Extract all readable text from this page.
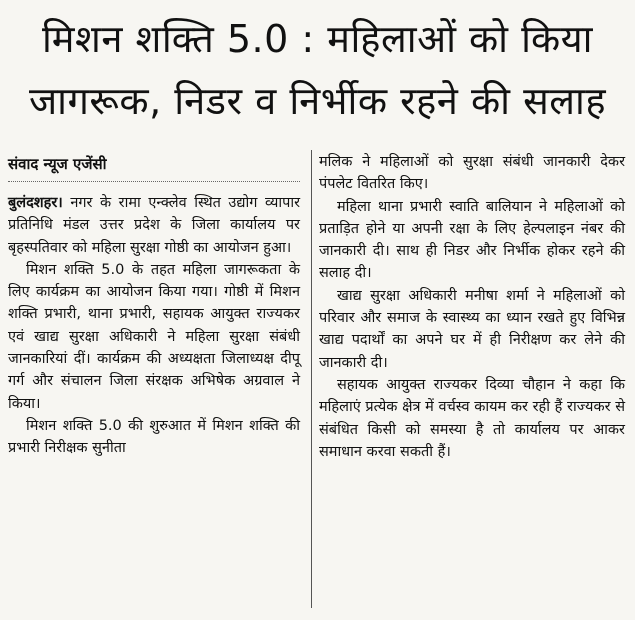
मिशन शक्ति 5.0 : महिलाओं को किया
जागरूक, निडर व निर्भीक रहने की सलाह
संवाद न्यूज एजेंसी

बुलंदशहर। नगर के रामा एन्क्लेव स्थित उद्योग व्यापार प्रतिनिधि मंडल उत्तर प्रदेश के जिला कार्यालय पर बृहस्पतिवार को महिला सुरक्षा गोष्ठी का आयोजन हुआ।

मिशन शक्ति 5.0 के तहत महिला जागरूकता के लिए कार्यक्रम का आयोजन किया गया। गोष्ठी में मिशन शक्ति प्रभारी, थाना प्रभारी, सहायक आयुक्त राज्यकर एवं खाद्य सुरक्षा अधिकारी ने महिला सुरक्षा संबंधी जानकारियां दीं। कार्यक्रम की अध्यक्षता जिलाध्यक्ष दीपू गर्ग और संचालन जिला संरक्षक अभिषेक अग्रवाल ने किया।

मिशन शक्ति 5.0 की शुरुआत में मिशन शक्ति की प्रभारी निरीक्षक सुनीता

मलिक ने महिलाओं को सुरक्षा संबंधी जानकारी देकर पंपलेट वितरित किए।

महिला थाना प्रभारी स्वाति बालियान ने महिलाओं को प्रताड़ित होने या अपनी रक्षा के लिए हेल्पलाइन नंबर की जानकारी दी। साथ ही निडर और निर्भीक होकर रहने की सलाह दी।

खाद्य सुरक्षा अधिकारी मनीषा शर्मा ने महिलाओं को परिवार और समाज के स्वास्थ्य का ध्यान रखते हुए विभिन्न खाद्य पदार्थों का अपने घर में ही निरीक्षण कर लेने की जानकारी दी।

सहायक आयुक्त राज्यकर दिव्या चौहान ने कहा कि महिलाएं प्रत्येक क्षेत्र में वर्चस्व कायम कर रही हैं राज्यकर से संबंधित किसी को समस्या है तो कार्यालय पर आकर समाधान करवा सकती हैं।
